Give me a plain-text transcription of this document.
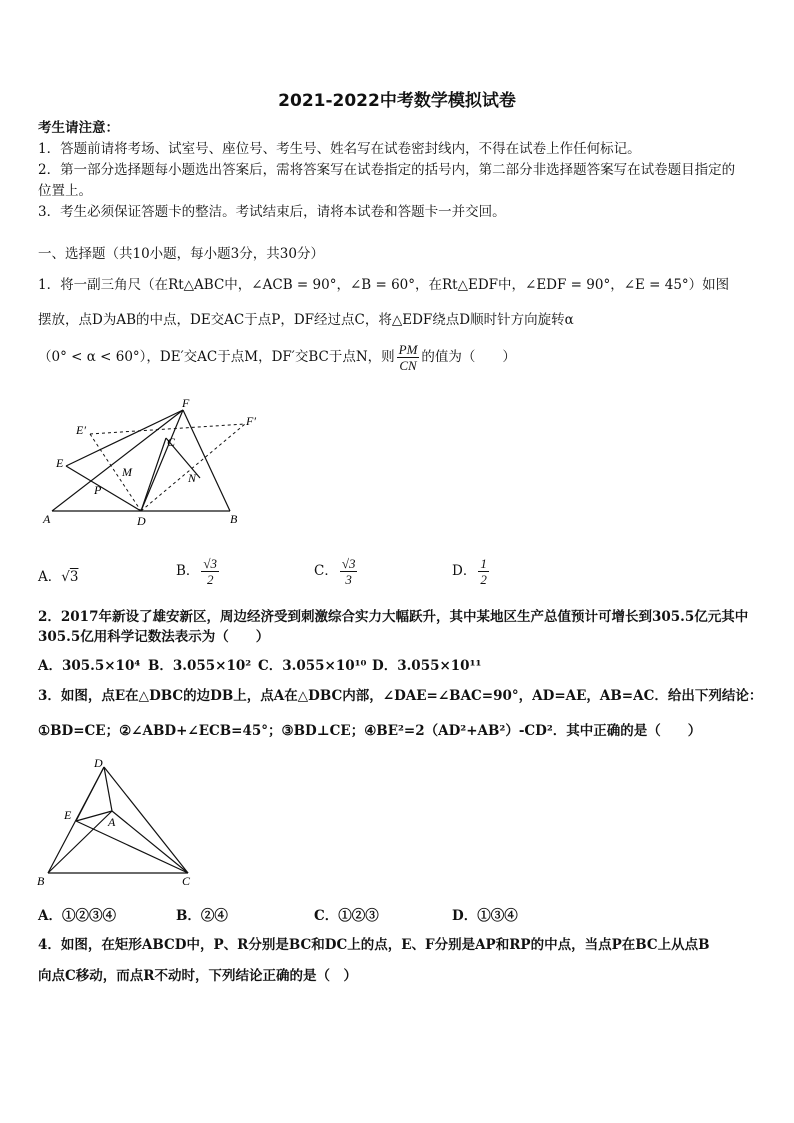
2021-2022中考数学模拟试卷
考生请注意：
1．答题前请将考场、试室号、座位号、考生号、姓名写在试卷密封线内，不得在试卷上作任何标记。
2．第一部分选择题每小题选出答案后，需将答案写在试卷指定的括号内，第二部分非选择题答案写在试卷题目指定的
位置上。
3．考生必须保证答题卡的整洁。考试结束后，请将本试卷和答题卡一并交回。
一、选择题（共10小题，每小题3分，共30分）
1．将一副三角尺（在Rt△ABC中，∠ACB = 90°，∠B = 60°，在Rt△EDF中，∠EDF = 90°，∠E = 45°）如图
摆放，点D为AB的中点，DE交AC于点P，DF经过点C，将△EDF绕点D顺时针方向旋转α
（0° < α < 60°），DE′交AC于点M，DF′交BC于点N，则 $\frac{PM}{CN}$ 的值为（　　）
F
E′
F′
C
E
M
P
N
A	D	B
A．√3	B． $\frac{√3}{2}$	C． $\frac{√3}{3}$	D． $\frac{1}{2}$
2．2017年新设了雄安新区，周边经济受到刺激综合实力大幅跃升，其中某地区生产总值预计可增长到305.5亿元其中
305.5亿用科学记数法表示为（　　）
A．305.5×10⁴ B．3.055×10² C．3.055×10¹⁰ D．3.055×10¹¹
3．如图，点E在△DBC的边DB上，点A在△DBC内部，∠DAE=∠BAC=90°，AD=AE，AB=AC．给出下列结论：
①BD=CE；②∠ABD+∠ECB=45°；③BD⊥CE；④BE²=2（AD²+AB²）-CD²．其中正确的是（　　）
D
E	A
B	C
A．①②③④	B．②④	C．①②③	D．①③④
4．如图，在矩形ABCD中，P、R分别是BC和DC上的点，E、F分别是AP和RP的中点，当点P在BC上从点B
向点C移动，而点R不动时，下列结论正确的是（　）
